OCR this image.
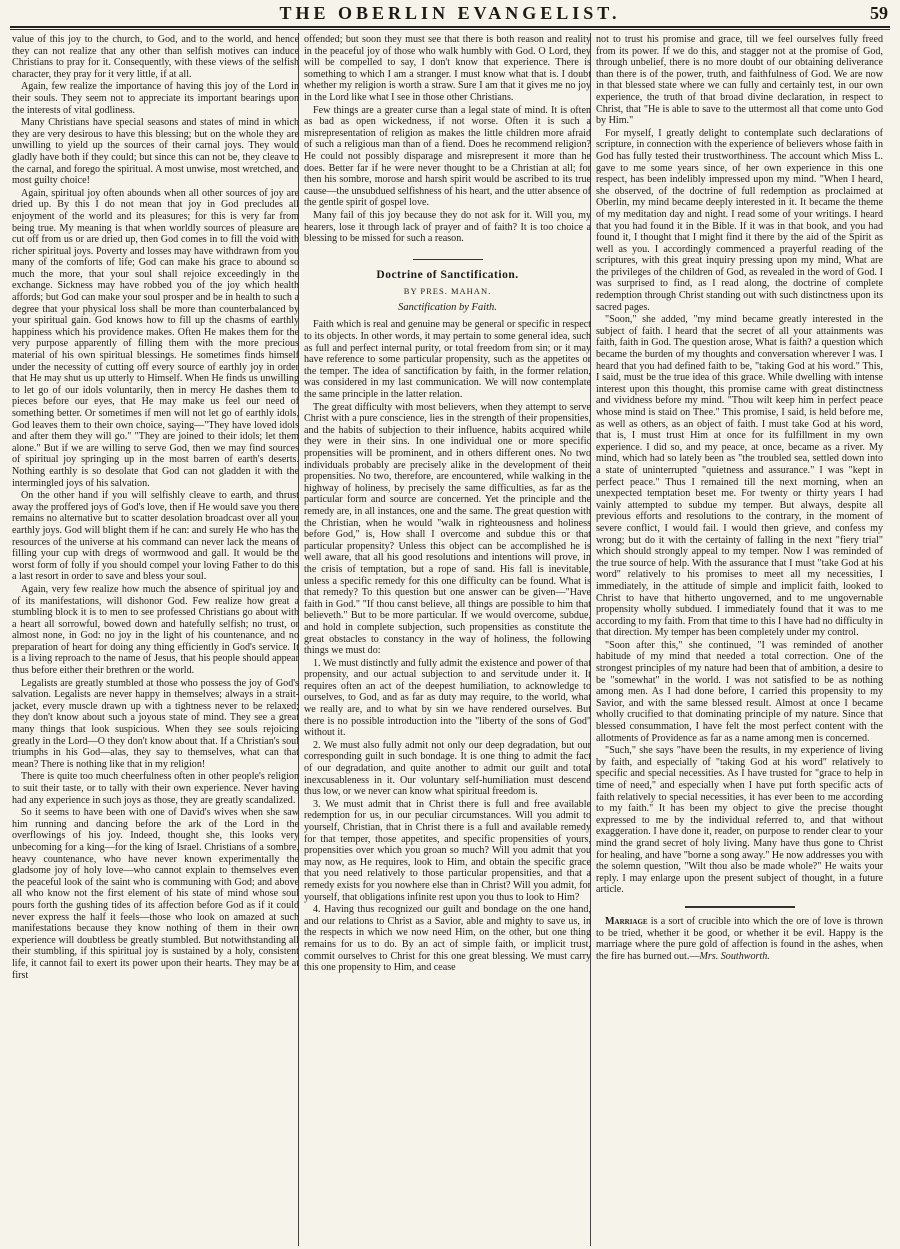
THE OBERLIN EVANGELIST.	59

value of this joy to the church, to God, and to the world, and hence they can not realize that any other than selfish motives can induce Christians to pray for it. Consequently, with these views of the selfish character, they pray for it very little, if at all.

Again, few realize the importance of having this joy of the Lord in their souls. They seem not to appreciate its important bearings upon the interests of vital godliness.

Many Christians have special seasons and states of mind in which they are very desirous to have this blessing; but on the whole they are unwilling to yield up the sources of their carnal joys. They would gladly have both if they could; but since this can not be, they cleave to the carnal, and forego the spiritual. A most unwise, most wretched, and most guilty choice!

Again, spiritual joy often abounds when all other sources of joy are dried up. By this I do not mean that joy in God precludes all enjoyment of the world and its pleasures; for this is very far from being true. My meaning is that when worldly sources of pleasure are cut off from us or are dried up, then God comes in to fill the void with richer spiritual joys. Poverty and losses may have withdrawn from you many of the comforts of life; God can make his grace to abound so much the more, that your soul shall rejoice exceedingly in the exchange. Sickness may have robbed you of the joy which health affords; but God can make your soul prosper and be in health to such a degree that your physical loss shall be more than counterbalanced by your spiritual gain. God knows how to fill up the chasms of earthly happiness which his providence makes. Often He makes them for the very purpose apparently of filling them with the more precious material of his own spiritual blessings. He sometimes finds himself under the necessity of cutting off every source of earthly joy in order that He may shut us up utterly to Himself. When He finds us unwilling to let go of our idols voluntarily, then in mercy He dashes them to pieces before our eyes, that He may make us feel our need of something better. Or sometimes if men will not let go of earthly idols, God leaves them to their own choice, saying—"They have loved idols and after them they will go." "They are joined to their idols; let them alone." But if we are willing to serve God, then we may find sources of spiritual joy springing up in the most barren of earth's deserts. Nothing earthly is so desolate that God can not gladden it with the intermingled joys of his salvation.

On the other hand if you will selfishly cleave to earth, and thrust away the proffered joys of God's love, then if He would save you there remains no alternative but to scatter desolation broadcast over all your earthly joys. God will blight them if he can: and surely He who has the resources of the universe at his command can never lack the means of filling your cup with dregs of wormwood and gall. It would be the worst form of folly if you should compel your loving Father to do this a last resort in order to save and bless your soul.

Again, very few realize how much the absence of spiritual joy and of its manifestations, will dishonor God. Few realize how great a stumbling block it is to men to see professed Christians go about with a heart all sorrowful, bowed down and hatefully selfish; no trust, or almost none, in God: no joy in the light of his countenance, and no preparation of heart for doing any thing efficiently in God's service. It is a living reproach to the name of Jesus, that his people should appear thus before either their brethren or the world.

Legalists are greatly stumbled at those who possess the joy of God's salvation. Legalists are never happy in themselves; always in a strait-jacket, every muscle drawn up with a tightness never to be relaxed; they don't know about such a joyous state of mind. They see a great many things that look suspicious. When they see souls rejoicing greatly in the Lord—O they don't know about that. If a Christian's soul triumphs in his God—alas, they say to themselves, what can that mean? There is nothing like that in my religion!

There is quite too much cheerfulness often in other people's religion to suit their taste, or to tally with their own experience. Never having had any experience in such joys as those, they are greatly scandalized.

So it seems to have been with one of David's wives when she saw him running and dancing before the ark of the Lord in the overflowings of his joy. Indeed, thought she, this looks very unbecoming for a king—for the king of Israel. Christians of a sombre, heavy countenance, who have never known experimentally the gladsome joy of holy love—who cannot explain to themselves even the peaceful look of the saint who is communing with God; and above all who know not the first element of his state of mind whose soul pours forth the gushing tides of its affection before God as if it could never express the half it feels—those who look on amazed at such manifestations because they know nothing of them in their own experience will doubtless be greatly stumbled. But notwithstanding all their stumbling, if this spiritual joy is sustained by a holy, consistent life, it cannot fail to exert its power upon their hearts. They may be at first

offended; but soon they must see that there is both reason and reality in the peaceful joy of those who walk humbly with God. O Lord, they will be compelled to say, I don't know that experience. There is something to which I am a stranger. I must know what that is. I doubt whether my religion is worth a straw. Sure I am that it gives me no joy in the Lord like what I see in those other Christians.

Few things are a greater curse than a legal state of mind. It is often as bad as open wickedness, if not worse. Often it is such a misrepresentation of religion as makes the little children more afraid of such a religious man than of a fiend. Does he recommend religion? He could not possibly disparage and misrepresent it more than he does. Better far if he were never thought to be a Christian at all; for then his sombre, morose and harsh spirit would be ascribed to its true cause—the unsubdued selfishness of his heart, and the utter absence of the gentle spirit of gospel love.

Many fail of this joy because they do not ask for it. Will you, my hearers, lose it through lack of prayer and of faith? It is too choice a blessing to be missed for such a reason.

Doctrine of Sanctification.
BY PRES. MAHAN.
Sanctification by Faith.

Faith which is real and genuine may be general or specific in respect to its objects. In other words, it may pertain to some general idea, such as full and perfect internal purity, or total freedom from sin; or it may have reference to some particular propensity, such as the appetites or the temper. The idea of sanctification by faith, in the former relation, was considered in my last communication. We will now contemplate the same principle in the latter relation.

The great difficulty with most believers, when they attempt to serve Christ with a pure conscience, lies in the strength of their propensities, and the habits of subjection to their influence, habits acquired while they were in their sins. In one individual one or more specific propensities will be prominent, and in others different ones. No two individuals probably are precisely alike in the development of their propensities. No two, therefore, are encountered, while walking in the highway of holiness, by precisely the same difficulties, as far as the particular form and source are concerned. Yet the principle and the remedy are, in all instances, one and the same. The great question with the Christian, when he would "walk in righteousness and holiness before God," is, How shall I overcome and subdue this or that particular propensity? Unless this object can be accomplished he is well aware, that all his good resolutions and intentions will prove, in the crisis of temptation, but a rope of sand. His fall is inevitable, unless a specific remedy for this one difficulty can be found. What is that remedy? To this question but one answer can be given—"Have faith in God." "If thou canst believe, all things are possible to him that believeth." But to be more particular. If we would overcome, subdue, and hold in complete subjection, such propensities as constitute the great obstacles to constancy in the way of holiness, the following things we must do:

1. We must distinctly and fully admit the existence and power of that propensity, and our actual subjection to and servitude under it. It requires often an act of the deepest humiliation, to acknowledge to ourselves, to God, and as far as duty may require, to the world, what we really are, and to what by sin we have rendered ourselves. But there is no possible introduction into the "liberty of the sons of God" without it.

2. We must also fully admit not only our deep degradation, but our corresponding guilt in such bondage. It is one thing to admit the fact of our degradation, and quite another to admit our guilt and total inexcusableness in it. Our voluntary self-humiliation must descend thus low, or we never can know what spiritual freedom is.

3. We must admit that in Christ there is full and free available redemption for us, in our peculiar circumstances. Will you admit to yourself, Christian, that in Christ there is a full and available remedy for that temper, those appetites, and specific propensities of yours, propensities over which you groan so much? Will you admit that you may now, as He requires, look to Him, and obtain the specific grace that you need relatively to those particular propensities, and that a remedy exists for you nowhere else than in Christ? Will you admit, for yourself, that obligations infinite rest upon you thus to look to Him?

4. Having thus recognized our guilt and bondage on the one hand, and our relations to Christ as a Savior, able and mighty to save us, in the respects in which we now need Him, on the other, but one thing remains for us to do. By an act of simple faith, or implicit trust, commit ourselves to Christ for this one great blessing. We must carry this one propensity to Him, and cease

not to trust his promise and grace, till we feel ourselves fully freed from its power. If we do this, and stagger not at the promise of God, through unbelief, there is no more doubt of our obtaining deliverance than there is of the power, truth, and faithfulness of God. We are now in that blessed state where we can fully and certainly test, in our own experience, the truth of that broad divine declaration, in respect to Christ, that "He is able to save to the uttermost all that come unto God by Him."

For myself, I greatly delight to contemplate such declarations of scripture, in connection with the experience of believers whose faith in God has fully tested their trustworthiness. The account which Miss L. gave to me some years since, of her own experience in this one respect, has been indelibly impressed upon my mind. "When I heard, she observed, of the doctrine of full redemption as proclaimed at Oberlin, my mind became deeply interested in it. It became the theme of my meditation day and night. I read some of your writings. I heard that you had found it in the Bible. If it was in that book, and you had found it, I thought that I might find it there by the aid of the Spirit as well as you. I accordingly commenced a prayerful reading of the scriptures, with this great inquiry pressing upon my mind, What are the privileges of the children of God, as revealed in the word of God. I was surprised to find, as I read along, the doctrine of complete redemption through Christ standing out with such distinctness upon its sacred pages.

"Soon," she added, "my mind became greatly interested in the subject of faith. I heard that the secret of all your attainments was faith, faith in God. The question arose, What is faith? a question which became the burden of my thoughts and conversation wherever I was. I heard that you had defined faith to be, "taking God at his word." This, I said, must be the true idea of this grace. While dwelling with intense interest upon this thought, this promise came with great distinctness and vividness before my mind. "Thou wilt keep him in perfect peace whose mind is staid on Thee." This promise, I said, is held before me, as well as others, as an object of faith. I must take God at his word, that is, I must trust Him at once for its fulfillment in my own experience. I did so, and my peace, at once, became as a river. My mind, which had so lately been as "the troubled sea, settled down into a state of uninterrupted "quietness and assurance." I was "kept in perfect peace." Thus I remained till the next morning, when an unexpected temptation beset me. For twenty or thirty years I had vainly attempted to subdue my temper. But always, despite all previous efforts and resolutions to the contrary, in the moment of severe conflict, I would fail. I would then grieve, and confess my wrong; but do it with the certainty of falling in the next "fiery trial" which should strongly appeal to my temper. Now I was reminded of the true source of help. With the assurance that I must "take God at his word" relatively to his promises to meet all my necessities, I immediately, in the attitude of simple and implicit faith, looked to Christ to have that hitherto ungoverned, and to me ungovernable propensity wholly subdued. I immediately found that it was to me according to my faith. From that time to this I have had no difficulty in that direction. My temper has been completely under my control.

"Soon after this," she continued, "I was reminded of another habitude of my mind that needed a total correction. One of the strongest principles of my nature had been that of ambition, a desire to be "somewhat" in the world. I was not satisfied to be as nothing among men. As I had done before, I carried this propensity to my Savior, and with the same blessed result. Almost at once I became wholly crucified to that dominating principle of my nature. Since that blessed consummation, I have felt the most perfect content with the allotments of Providence as far as a name among men is concerned.

"Such," she says "have been the results, in my experience of living by faith, and especially of "taking God at his word" relatively to specific and special necessities. As I have trusted for "grace to help in time of need," and especially when I have put forth specific acts of faith relatively to special necessities, it has ever been to me according to my faith." It has been my object to give the precise thought expressed to me by the individual referred to, and that without exaggeration. I have done it, reader, on purpose to render clear to your mind the grand secret of holy living. Many have thus gone to Christ for healing, and have "borne a song away." He now addresses you with the solemn question, "Wilt thou also be made whole?" He waits your reply. I may enlarge upon the present subject of thought, in a future article.

Marriage is a sort of crucible into which the ore of love is thrown to be tried, whether it be good, or whether it be evil. Happy is the marriage where the pure gold of affection is found in the ashes, when the fire has burned out.—Mrs. Southworth.
